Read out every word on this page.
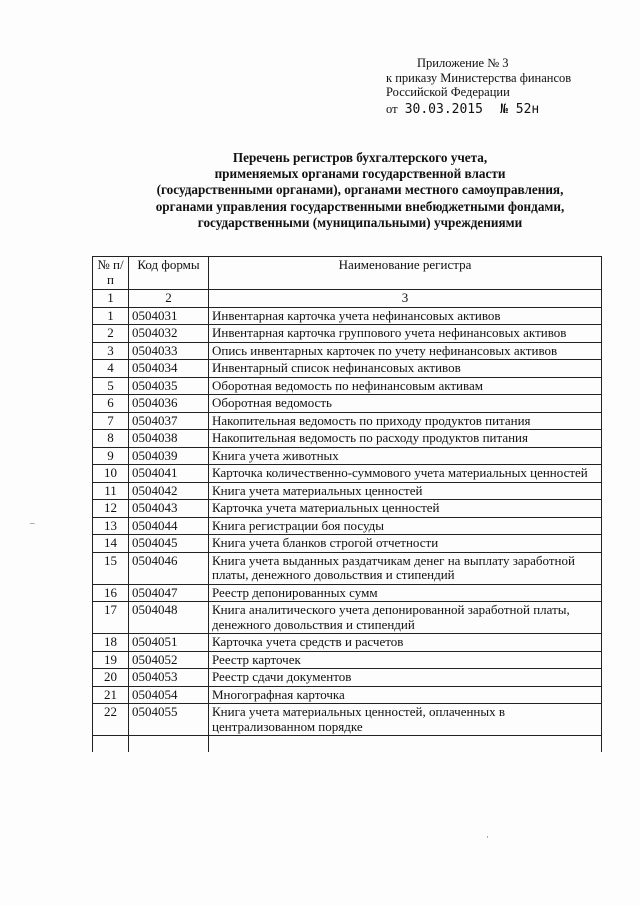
Приложение № 3
к приказу Министерства финансов
Российской Федерации
от 30.03.2015 № 52н
Перечень регистров бухгалтерского учета,
применяемых органами государственной власти
(государственными органами), органами местного самоуправления,
органами управления государственными внебюджетными фондами,
государственными (муниципальными) учреждениями
№ п/п	Код формы	Наименование регистра
1	2	3
1	0504031	Инвентарная карточка учета нефинансовых активов
2	0504032	Инвентарная карточка группового учета нефинансовых активов
3	0504033	Опись инвентарных карточек по учету нефинансовых активов
4	0504034	Инвентарный список нефинансовых активов
5	0504035	Оборотная ведомость по нефинансовым активам
6	0504036	Оборотная ведомость
7	0504037	Накопительная ведомость по приходу продуктов питания
8	0504038	Накопительная ведомость по расходу продуктов питания
9	0504039	Книга учета животных
10	0504041	Карточка количественно-суммового учета материальных ценностей
11	0504042	Книга учета материальных ценностей
12	0504043	Карточка учета материальных ценностей
13	0504044	Книга регистрации боя посуды
14	0504045	Книга учета бланков строгой отчетности
15	0504046	Книга учета выданных раздатчикам денег на выплату заработной платы, денежного довольствия и стипендий
16	0504047	Реестр депонированных сумм
17	0504048	Книга аналитического учета депонированной заработной платы, денежного довольствия и стипендий
18	0504051	Карточка учета средств и расчетов
19	0504052	Реестр карточек
20	0504053	Реестр сдачи документов
21	0504054	Многографная карточка
22	0504055	Книга учета материальных ценностей, оплаченных в централизованном порядке

–
·
